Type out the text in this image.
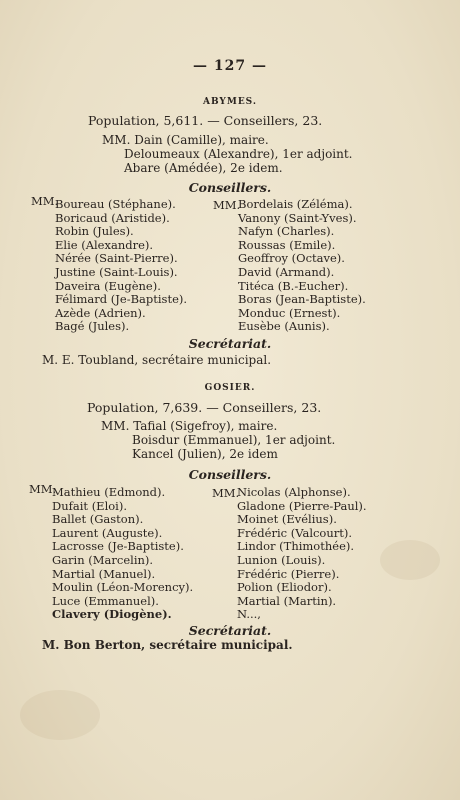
— 127 —
ABYMES.
Population, 5,611. — Conseillers, 23.
MM. Dain (Camille), maire.
Deloumeaux (Alexandre), 1er adjoint.
Abare (Amédée), 2e idem.
Conseillers.
MM.
Boureau (Stéphane).
Boricaud (Aristide).
Robin (Jules).
Elie (Alexandre).
Nérée (Saint-Pierre).
Justine (Saint-Louis).
Daveira (Eugène).
Félimard (Je-Baptiste).
Azède (Adrien).
Bagé (Jules).
MM.
Bordelais (Zéléma).
Vanony (Saint-Yves).
Nafyn (Charles).
Roussas (Emile).
Geoffroy (Octave).
David (Armand).
Titéca (B.-Eucher).
Boras (Jean-Baptiste).
Monduc (Ernest).
Eusèbe (Aunis).
Secrétariat.
M. E. Toubland, secrétaire municipal.
GOSIER.
Population, 7,639. — Conseillers, 23.
MM. Tafial (Sigefroy), maire.
Boisdur (Emmanuel), 1er adjoint.
Kancel (Julien), 2e idem
Conseillers.
MM.
Mathieu (Edmond).
Dufait (Eloi).
Ballet (Gaston).
Laurent (Auguste).
Lacrosse (Je-Baptiste).
Garin (Marcelin).
Martial (Manuel).
Moulin (Léon-Morency).
Luce (Emmanuel).
Clavery (Diogène).
MM.
Nicolas (Alphonse).
Gladone (Pierre-Paul).
Moinet (Evélius).
Frédéric (Valcourt).
Lindor (Thimothée).
Lunion (Louis).
Frédéric (Pierre).
Polion (Eliodor).
Martial (Martin).
N...,
Secrétariat.
M. Bon Berton, secrétaire municipal.
